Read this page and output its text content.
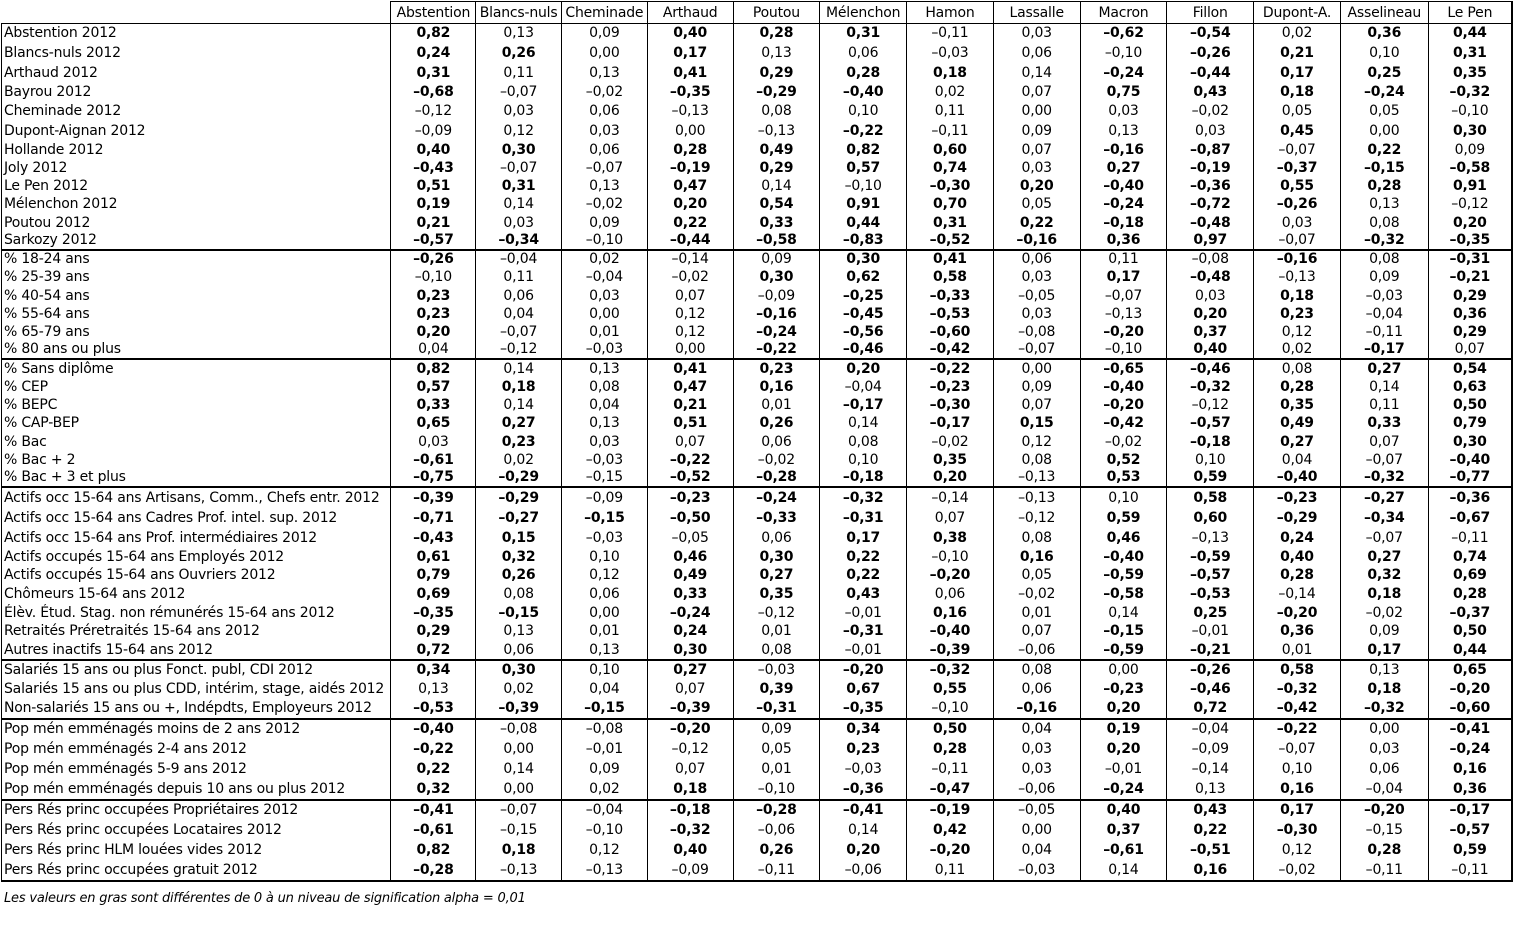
	Abstention	Blancs-nuls	Cheminade	Arthaud	Poutou	Mélenchon	Hamon	Lassalle	Macron	Fillon	Dupont-A.	Asselineau	Le Pen
Abstention 2012	0,82	0,13	0,09	0,40	0,28	0,31	–0,11	0,03	–0,62	–0,54	0,02	0,36	0,44
Blancs-nuls 2012	0,24	0,26	0,00	0,17	0,13	0,06	–0,03	0,06	–0,10	–0,26	0,21	0,10	0,31
Arthaud 2012	0,31	0,11	0,13	0,41	0,29	0,28	0,18	0,14	–0,24	–0,44	0,17	0,25	0,35
Bayrou 2012	–0,68	–0,07	–0,02	–0,35	–0,29	–0,40	0,02	0,07	0,75	0,43	0,18	–0,24	–0,32
Cheminade 2012	–0,12	0,03	0,06	–0,13	0,08	0,10	0,11	0,00	0,03	–0,02	0,05	0,05	–0,10
Dupont-Aignan 2012	–0,09	0,12	0,03	0,00	–0,13	–0,22	–0,11	0,09	0,13	0,03	0,45	0,00	0,30
Hollande 2012	0,40	0,30	0,06	0,28	0,49	0,82	0,60	0,07	–0,16	–0,87	–0,07	0,22	0,09
Joly 2012	–0,43	–0,07	–0,07	–0,19	0,29	0,57	0,74	0,03	0,27	–0,19	–0,37	–0,15	–0,58
Le Pen 2012	0,51	0,31	0,13	0,47	0,14	–0,10	–0,30	0,20	–0,40	–0,36	0,55	0,28	0,91
Mélenchon 2012	0,19	0,14	–0,02	0,20	0,54	0,91	0,70	0,05	–0,24	–0,72	–0,26	0,13	–0,12
Poutou 2012	0,21	0,03	0,09	0,22	0,33	0,44	0,31	0,22	–0,18	–0,48	0,03	0,08	0,20
Sarkozy 2012	–0,57	–0,34	–0,10	–0,44	–0,58	–0,83	–0,52	–0,16	0,36	0,97	–0,07	–0,32	–0,35
% 18-24 ans	–0,26	–0,04	0,02	–0,14	0,09	0,30	0,41	0,06	0,11	–0,08	–0,16	0,08	–0,31
% 25-39 ans	–0,10	0,11	–0,04	–0,02	0,30	0,62	0,58	0,03	0,17	–0,48	–0,13	0,09	–0,21
% 40-54 ans	0,23	0,06	0,03	0,07	–0,09	–0,25	–0,33	–0,05	–0,07	0,03	0,18	–0,03	0,29
% 55-64 ans	0,23	0,04	0,00	0,12	–0,16	–0,45	–0,53	0,03	–0,13	0,20	0,23	–0,04	0,36
% 65-79 ans	0,20	–0,07	0,01	0,12	–0,24	–0,56	–0,60	–0,08	–0,20	0,37	0,12	–0,11	0,29
% 80 ans ou plus	0,04	–0,12	–0,03	0,00	–0,22	–0,46	–0,42	–0,07	–0,10	0,40	0,02	–0,17	0,07
% Sans diplôme	0,82	0,14	0,13	0,41	0,23	0,20	–0,22	0,00	–0,65	–0,46	0,08	0,27	0,54
% CEP	0,57	0,18	0,08	0,47	0,16	–0,04	–0,23	0,09	–0,40	–0,32	0,28	0,14	0,63
% BEPC	0,33	0,14	0,04	0,21	0,01	–0,17	–0,30	0,07	–0,20	–0,12	0,35	0,11	0,50
% CAP-BEP	0,65	0,27	0,13	0,51	0,26	0,14	–0,17	0,15	–0,42	–0,57	0,49	0,33	0,79
% Bac	0,03	0,23	0,03	0,07	0,06	0,08	–0,02	0,12	–0,02	–0,18	0,27	0,07	0,30
% Bac + 2	–0,61	0,02	–0,03	–0,22	–0,02	0,10	0,35	0,08	0,52	0,10	0,04	–0,07	–0,40
% Bac + 3 et plus	–0,75	–0,29	–0,15	–0,52	–0,28	–0,18	0,20	–0,13	0,53	0,59	–0,40	–0,32	–0,77
Actifs occ 15-64 ans Artisans, Comm., Chefs entr. 2012	–0,39	–0,29	–0,09	–0,23	–0,24	–0,32	–0,14	–0,13	0,10	0,58	–0,23	–0,27	–0,36
Actifs occ 15-64 ans Cadres Prof. intel. sup. 2012	–0,71	–0,27	–0,15	–0,50	–0,33	–0,31	0,07	–0,12	0,59	0,60	–0,29	–0,34	–0,67
Actifs occ 15-64 ans Prof. intermédiaires 2012	–0,43	0,15	–0,03	–0,05	0,06	0,17	0,38	0,08	0,46	–0,13	0,24	–0,07	–0,11
Actifs occupés 15-64 ans Employés 2012	0,61	0,32	0,10	0,46	0,30	0,22	–0,10	0,16	–0,40	–0,59	0,40	0,27	0,74
Actifs occupés 15-64 ans Ouvriers 2012	0,79	0,26	0,12	0,49	0,27	0,22	–0,20	0,05	–0,59	–0,57	0,28	0,32	0,69
Chômeurs 15-64 ans 2012	0,69	0,08	0,06	0,33	0,35	0,43	0,06	–0,02	–0,58	–0,53	–0,14	0,18	0,28
Élèv. Étud. Stag. non rémunérés 15-64 ans 2012	–0,35	–0,15	0,00	–0,24	–0,12	–0,01	0,16	0,01	0,14	0,25	–0,20	–0,02	–0,37
Retraités Préretraités 15-64 ans 2012	0,29	0,13	0,01	0,24	0,01	–0,31	–0,40	0,07	–0,15	–0,01	0,36	0,09	0,50
Autres inactifs 15-64 ans 2012	0,72	0,06	0,13	0,30	0,08	–0,01	–0,39	–0,06	–0,59	–0,21	0,01	0,17	0,44
Salariés 15 ans ou plus Fonct. publ, CDI 2012	0,34	0,30	0,10	0,27	–0,03	–0,20	–0,32	0,08	0,00	–0,26	0,58	0,13	0,65
Salariés 15 ans ou plus CDD, intérim, stage, aidés 2012	0,13	0,02	0,04	0,07	0,39	0,67	0,55	0,06	–0,23	–0,46	–0,32	0,18	–0,20
Non-salariés 15 ans ou +, Indépdts, Employeurs 2012	–0,53	–0,39	–0,15	–0,39	–0,31	–0,35	–0,10	–0,16	0,20	0,72	–0,42	–0,32	–0,60
Pop mén emménagés moins de 2 ans 2012	–0,40	–0,08	–0,08	–0,20	0,09	0,34	0,50	0,04	0,19	–0,04	–0,22	0,00	–0,41
Pop mén emménagés 2-4 ans 2012	–0,22	0,00	–0,01	–0,12	0,05	0,23	0,28	0,03	0,20	–0,09	–0,07	0,03	–0,24
Pop mén emménagés 5-9 ans 2012	0,22	0,14	0,09	0,07	0,01	–0,03	–0,11	0,03	–0,01	–0,14	0,10	0,06	0,16
Pop mén emménagés depuis 10 ans ou plus 2012	0,32	0,00	0,02	0,18	–0,10	–0,36	–0,47	–0,06	–0,24	0,13	0,16	–0,04	0,36
Pers Rés princ occupées Propriétaires 2012	–0,41	–0,07	–0,04	–0,18	–0,28	–0,41	–0,19	–0,05	0,40	0,43	0,17	–0,20	–0,17
Pers Rés princ occupées Locataires 2012	–0,61	–0,15	–0,10	–0,32	–0,06	0,14	0,42	0,00	0,37	0,22	–0,30	–0,15	–0,57
Pers Rés princ HLM louées vides 2012	0,82	0,18	0,12	0,40	0,26	0,20	–0,20	0,04	–0,61	–0,51	0,12	0,28	0,59
Pers Rés princ occupées gratuit 2012	–0,28	–0,13	–0,13	–0,09	–0,11	–0,06	0,11	–0,03	0,14	0,16	–0,02	–0,11	–0,11
Les valeurs en gras sont différentes de 0 à un niveau de signification alpha = 0,01
